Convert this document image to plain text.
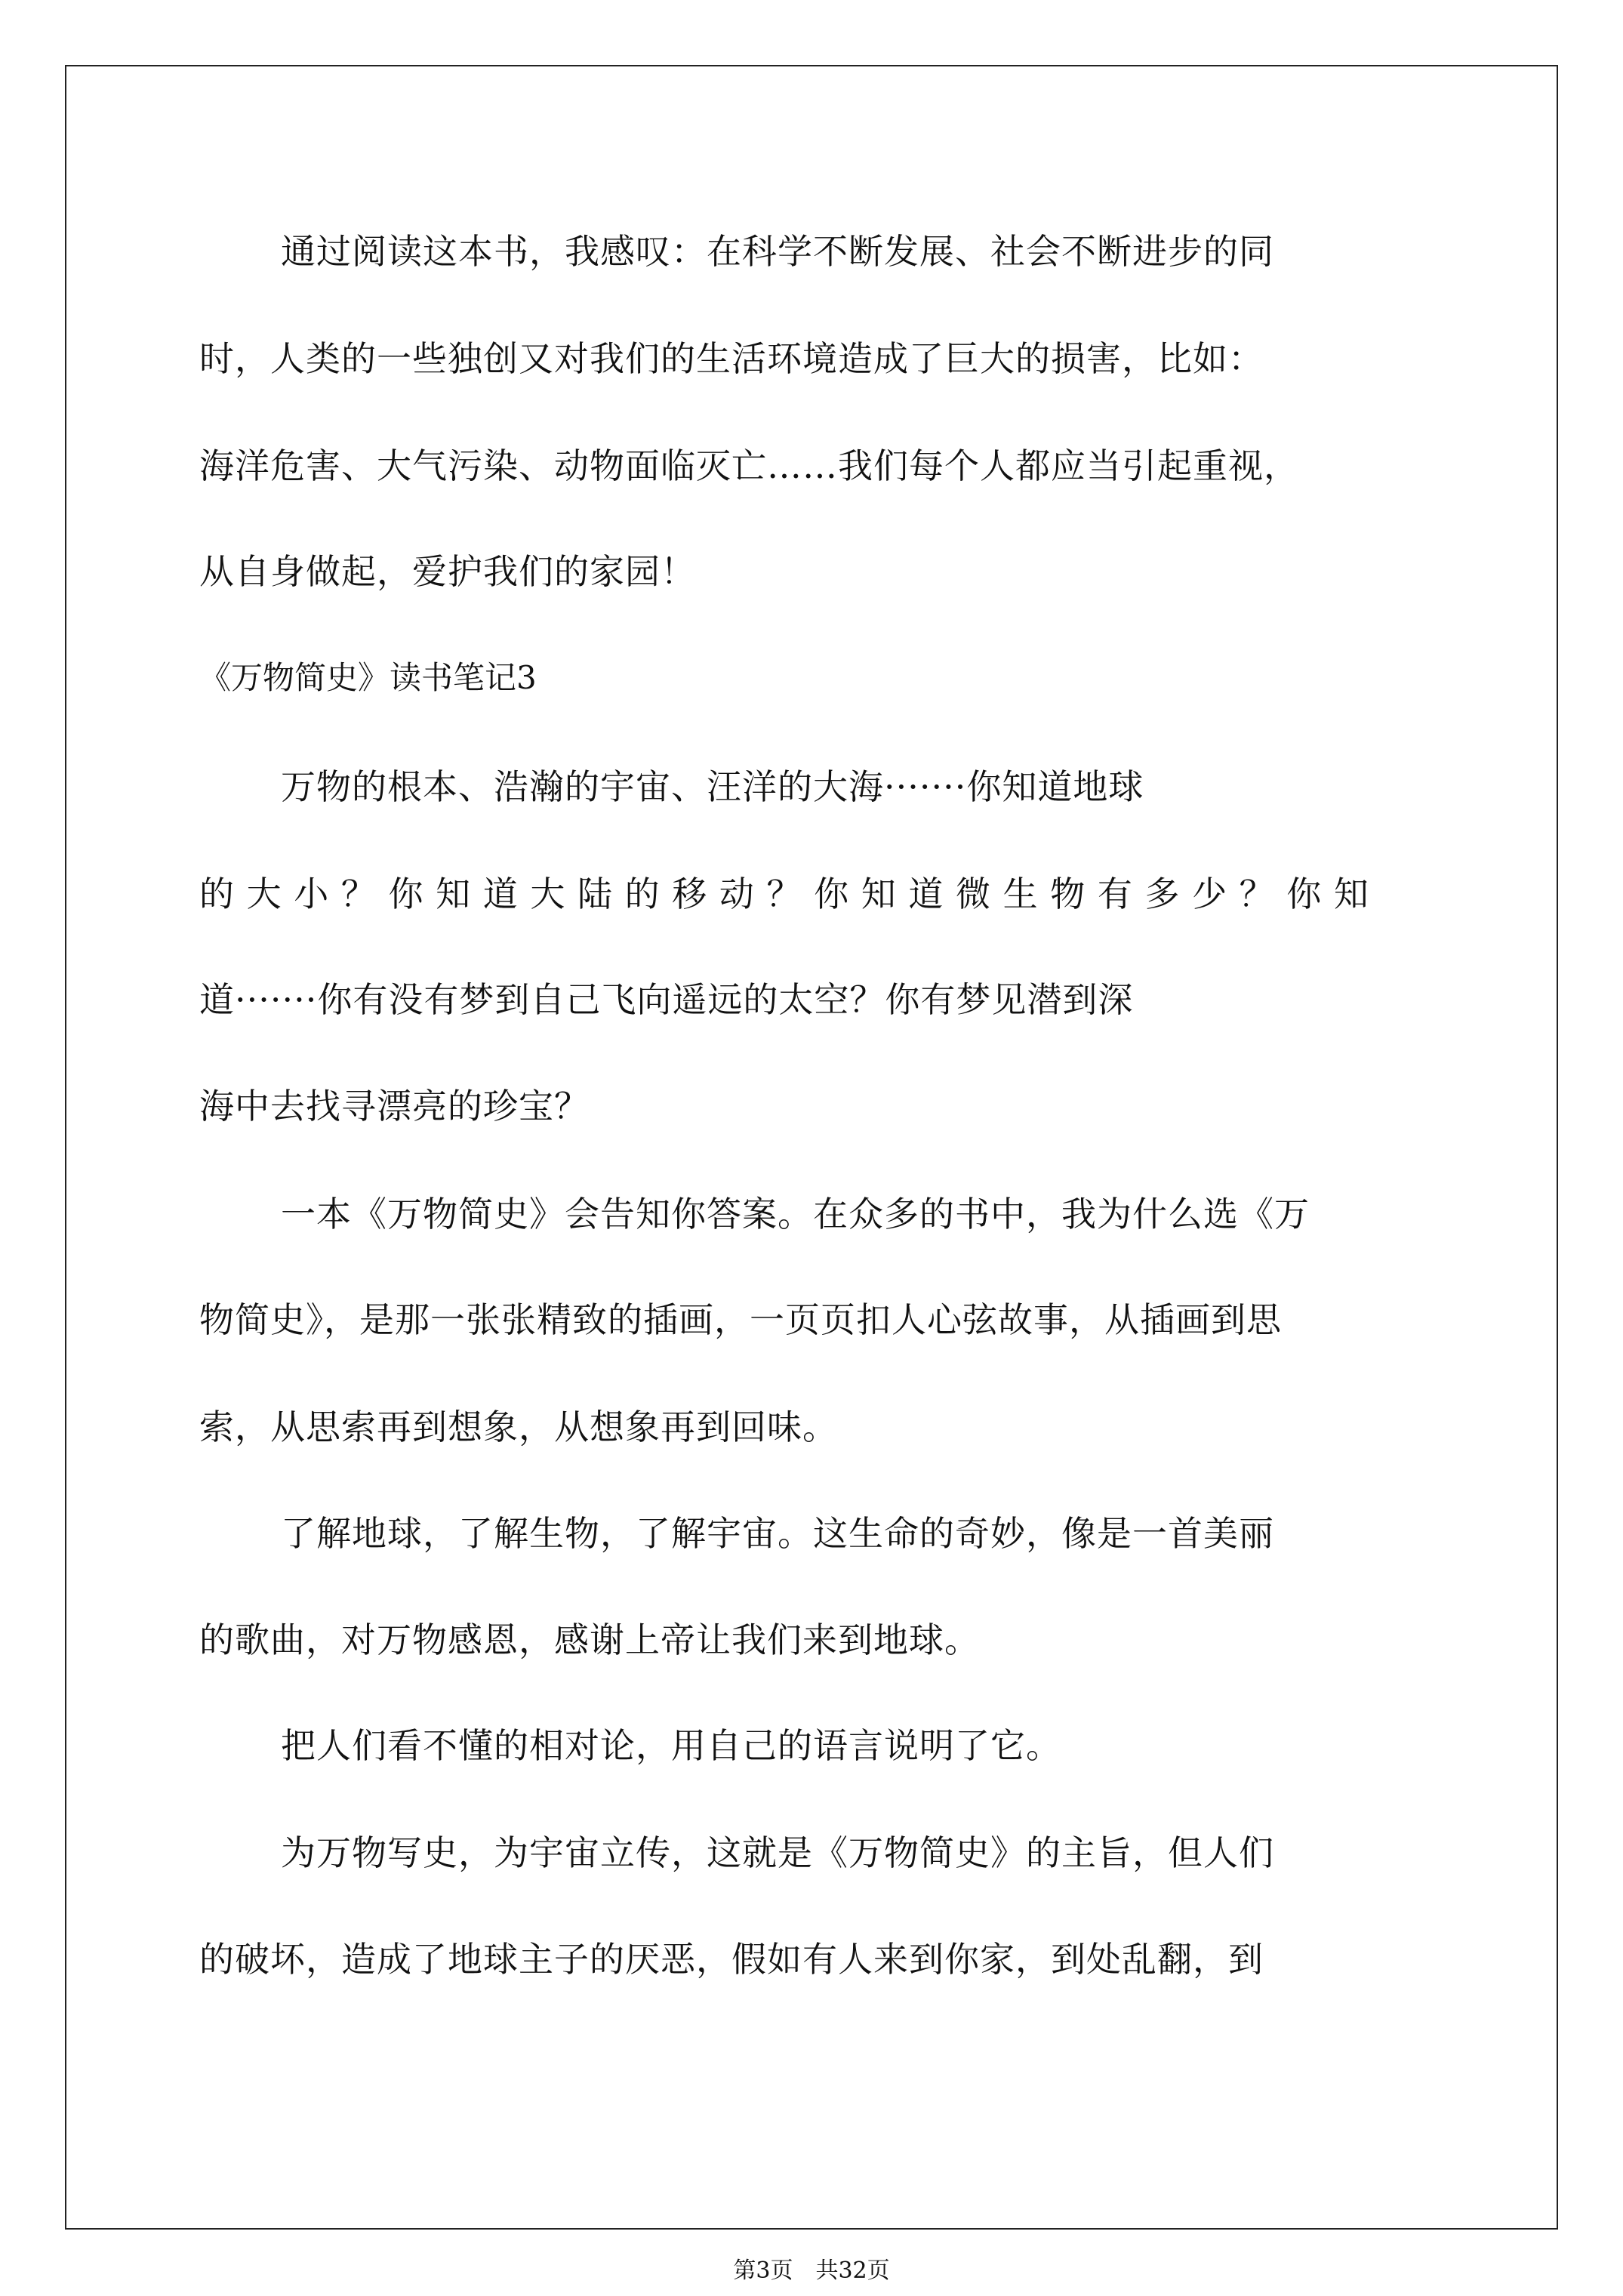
通过阅读这本书，我感叹：在科学不断发展、社会不断进步的同
时，人类的一些独创又对我们的生活环境造成了巨大的损害，比如：
海洋危害、大气污染、动物面临灭亡……我们每个人都应当引起重视，
从自身做起，爱护我们的家园！
《万物简史》读书笔记3
万物的根本、浩瀚的宇宙、汪洋的大海·······你知道地球
的 大 小 ？ 你 知 道 大 陆 的 移 动 ？ 你 知 道 微 生 物 有 多 少 ？ 你 知
道·······你有没有梦到自己飞向遥远的太空？你有梦见潜到深
海中去找寻漂亮的珍宝？
一本《万物简史》会告知你答案。在众多的书中，我为什么选《万
物简史》，是那一张张精致的插画，一页页扣人心弦故事，从插画到思
索，从思索再到想象，从想象再到回味。
了解地球，了解生物，了解宇宙。这生命的奇妙，像是一首美丽
的歌曲，对万物感恩，感谢上帝让我们来到地球。
把人们看不懂的相对论，用自己的语言说明了它。
为万物写史，为宇宙立传，这就是《万物简史》的主旨，但人们
的破坏，造成了地球主子的厌恶，假如有人来到你家，到处乱翻，到
第3页　共32页
